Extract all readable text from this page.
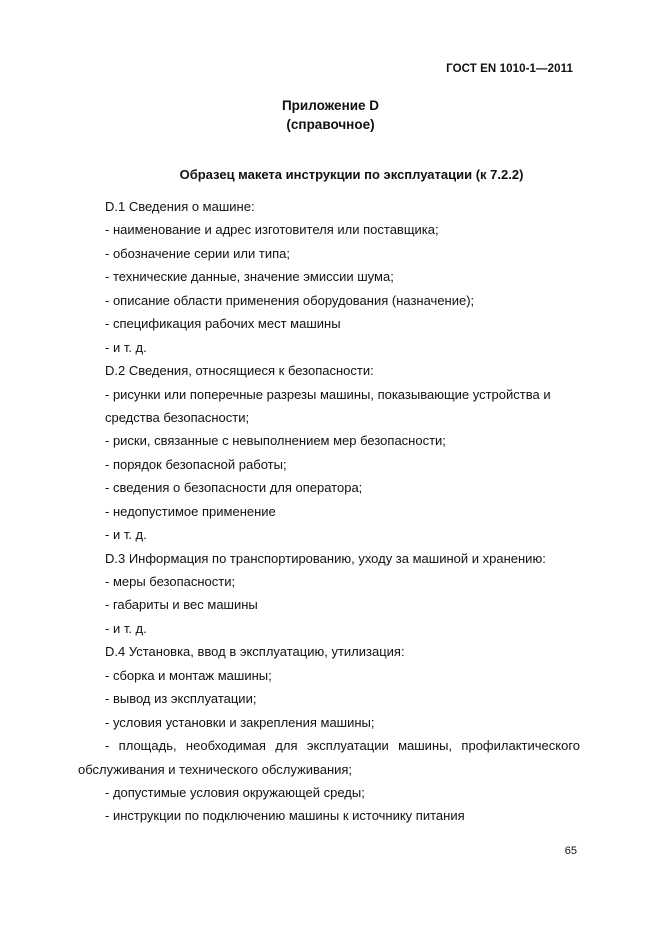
ГОСТ EN 1010-1—2011
Приложение D
(справочное)
Образец макета инструкции по эксплуатации (к 7.2.2)
D.1 Сведения о машине:
- наименование и адрес изготовителя или поставщика;
- обозначение серии или типа;
- технические данные, значение эмиссии шума;
- описание области применения оборудования (назначение);
- спецификация рабочих мест машины
- и т. д.
D.2 Сведения, относящиеся к безопасности:
- рисунки или поперечные разрезы машины, показывающие устройства и
средства безопасности;
- риски, связанные с невыполнением мер безопасности;
- порядок безопасной работы;
- сведения о безопасности для оператора;
- недопустимое применение
- и т. д.
D.3 Информация по транспортированию, уходу за машиной и хранению:
- меры безопасности;
- габариты и вес машины
- и т. д.
D.4 Установка, ввод в эксплуатацию, утилизация:
- сборка и монтаж машины;
- вывод из эксплуатации;
- условия установки и закрепления машины;
- площадь, необходимая для эксплуатации машины, профилактического
обслуживания и технического обслуживания;
- допустимые условия окружающей среды;
- инструкции по подключению машины к источнику питания
65
